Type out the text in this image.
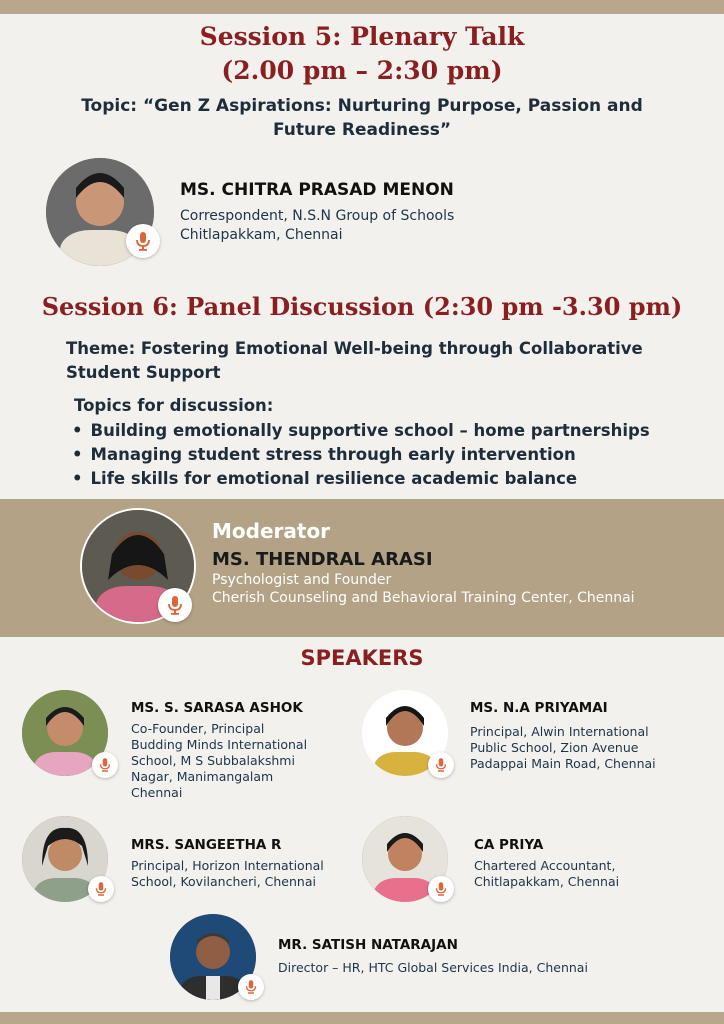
Session 5: Plenary Talk
(2.00 pm – 2:30 pm)
Topic: “Gen Z Aspirations: Nurturing Purpose, Passion and Future Readiness”
MS. CHITRA PRASAD MENON
Correspondent, N.S.N Group of Schools
Chitlapakkam, Chennai
Session 6: Panel Discussion (2:30 pm -3.30 pm)
Theme: Fostering Emotional Well-being through Collaborative Student Support
Topics for discussion:
• Building emotionally supportive school – home partnerships
• Managing student stress through early intervention
• Life skills for emotional resilience academic balance
Moderator
MS. THENDRAL ARASI
Psychologist and Founder
Cherish Counseling and Behavioral Training Center, Chennai
SPEAKERS
MS. S. SARASA ASHOK
Co-Founder, Principal
Budding Minds International
School, M S Subbalakshmi
Nagar, Manimangalam
Chennai
MS. N.A PRIYAMAI
Principal, Alwin International
Public School, Zion Avenue
Padappai Main Road, Chennai
MRS. SANGEETHA R
Principal, Horizon International
School, Kovilancheri, Chennai
CA PRIYA
Chartered Accountant,
Chitlapakkam, Chennai
MR. SATISH NATARAJAN
Director – HR, HTC Global Services India, Chennai
